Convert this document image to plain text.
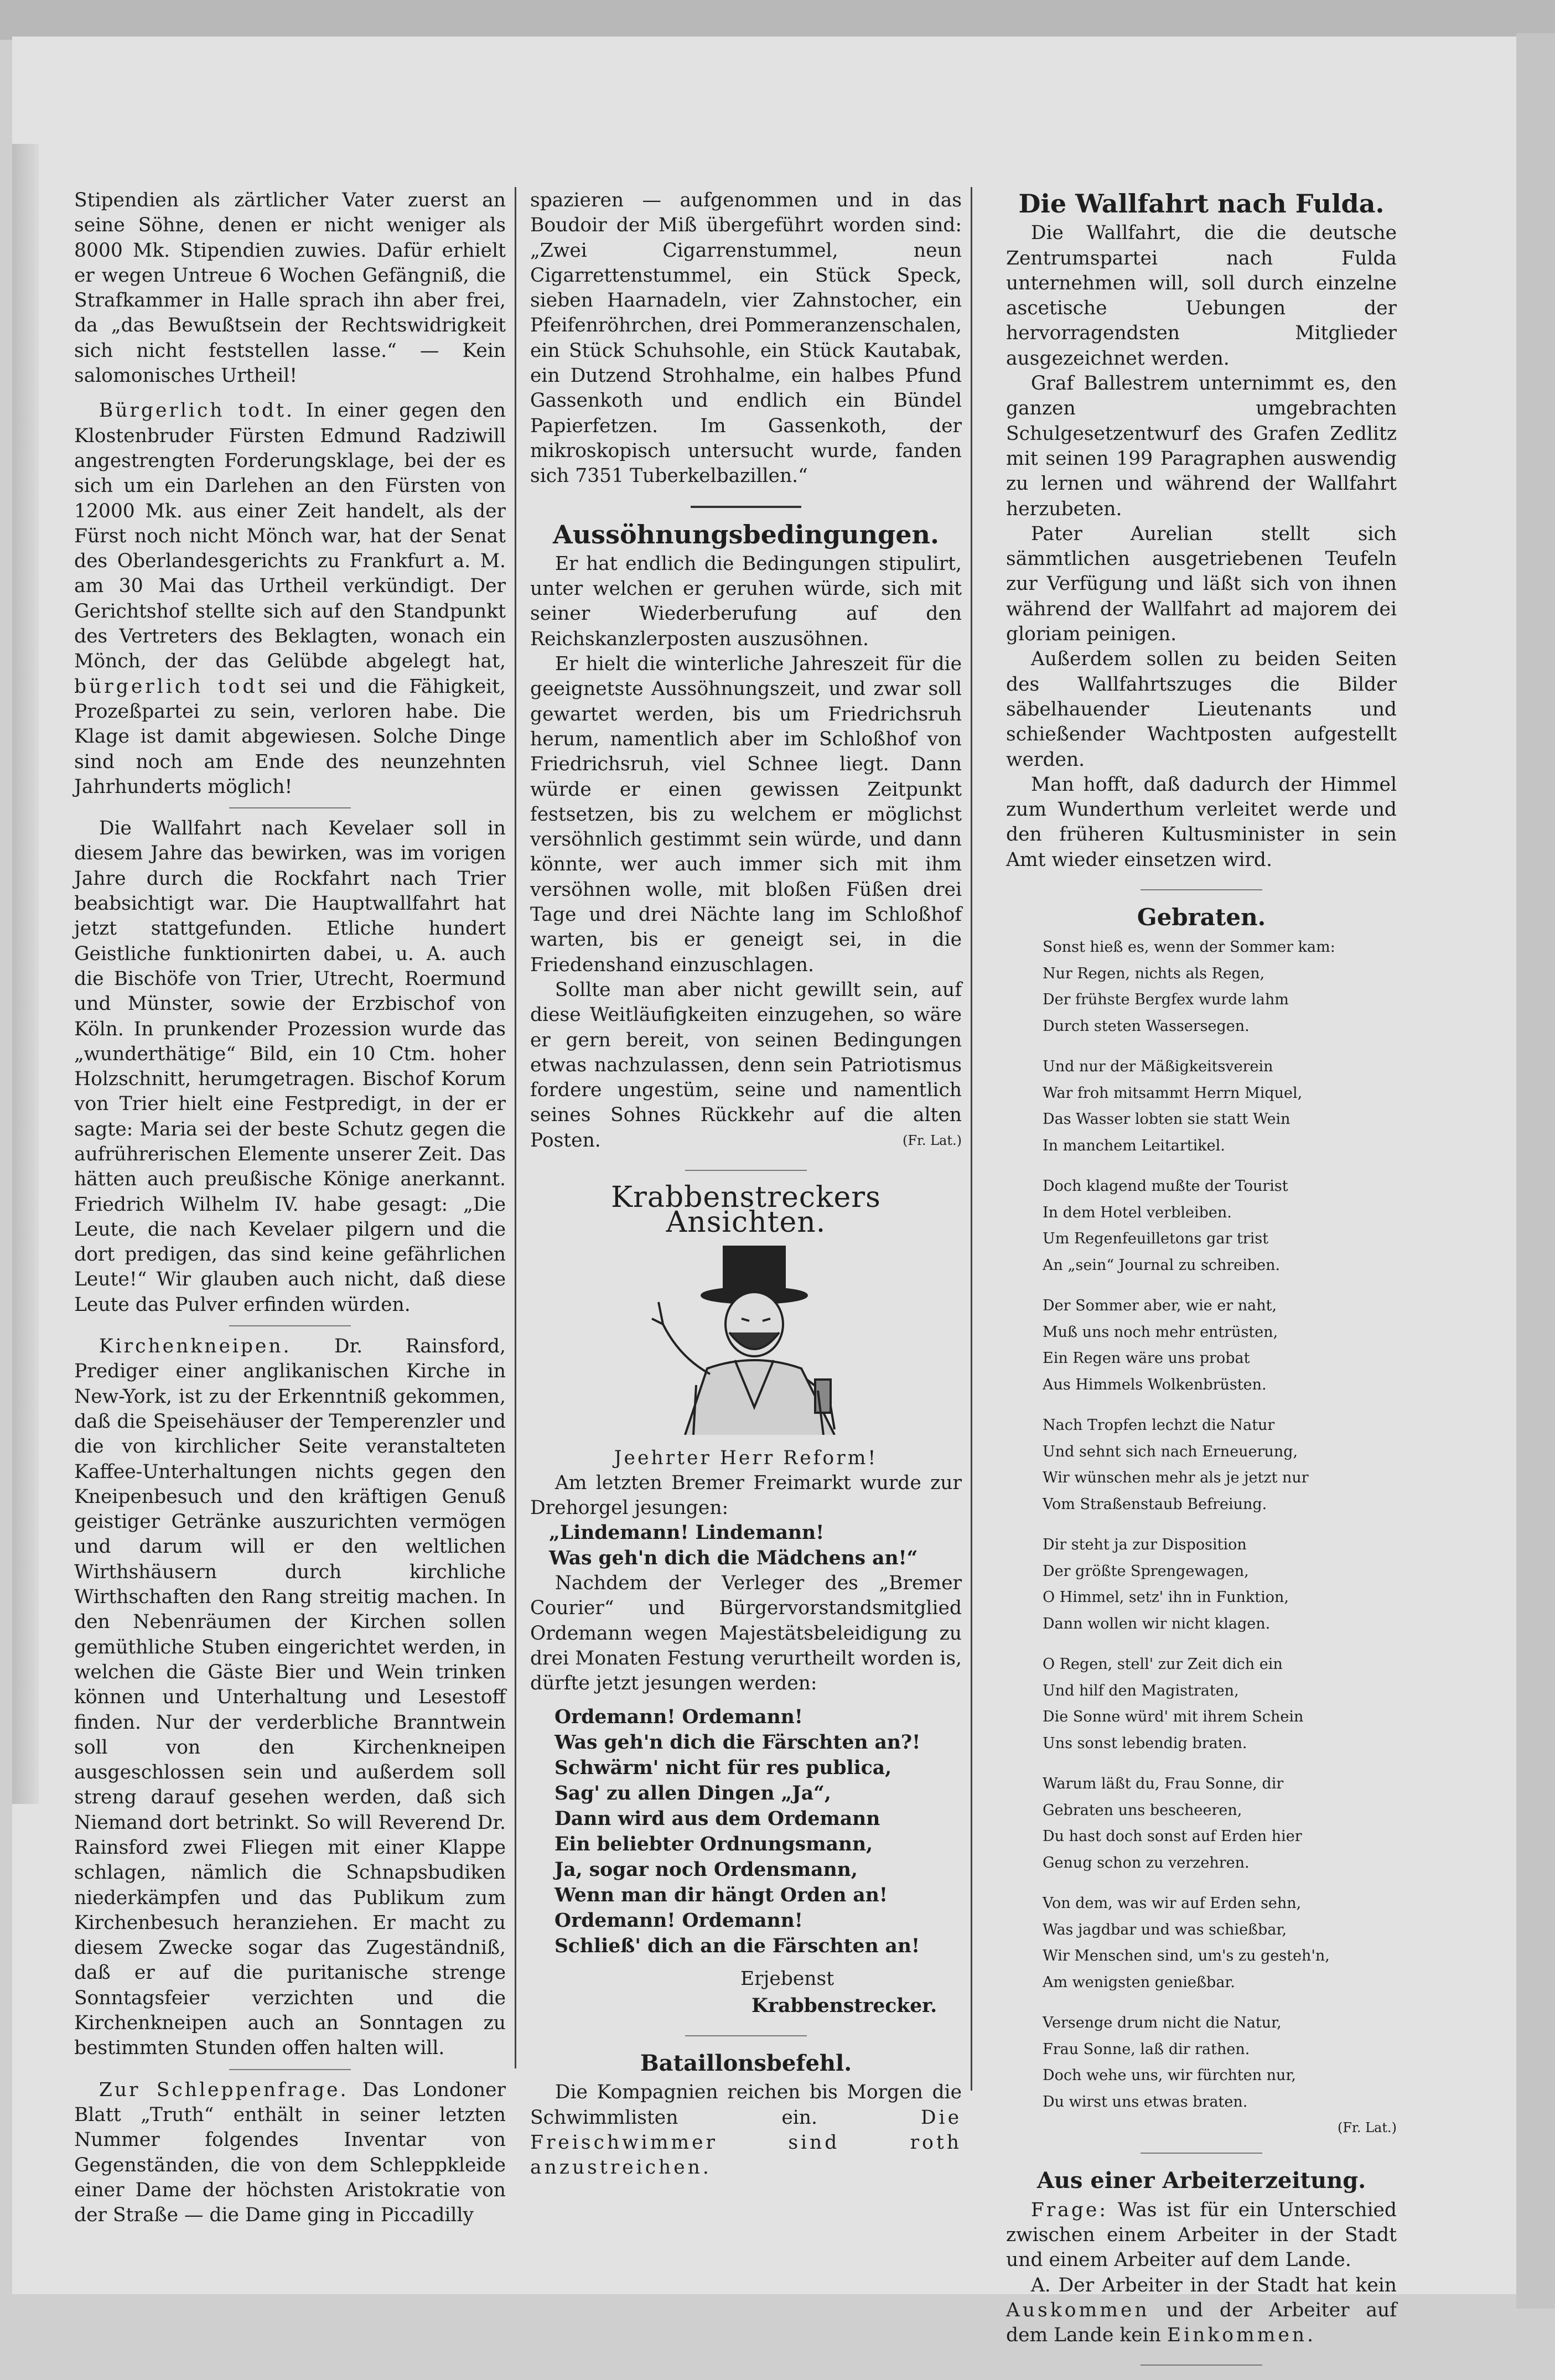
Stipendien als zärtlicher Vater zuerst an seine Söhne, denen er nicht weniger als 8000 Mk. Stipendien zuwies. Dafür erhielt er wegen Untreue 6 Wochen Gefängniß, die Strafkammer in Halle sprach ihn aber frei, da „das Bewußtsein der Rechtswidrigkeit sich nicht feststellen lasse.“ — Kein salomonisches Urtheil!

Bürgerlich todt. In einer gegen den Klostenbruder Fürsten Edmund Radziwill angestrengten Forderungsklage, bei der es sich um ein Darlehen an den Fürsten von 12000 Mk. aus einer Zeit handelt, als der Fürst noch nicht Mönch war, hat der Senat des Oberlandesgerichts zu Frankfurt a. M. am 30 Mai das Urtheil verkündigt. Der Gerichtshof stellte sich auf den Standpunkt des Vertreters des Beklagten, wonach ein Mönch, der das Gelübde abgelegt hat, bürgerlich todt sei und die Fähigkeit, Prozeßpartei zu sein, verloren habe. Die Klage ist damit abgewiesen. Solche Dinge sind noch am Ende des neunzehnten Jahrhunderts möglich!

Die Wallfahrt nach Kevelaer soll in diesem Jahre das bewirken, was im vorigen Jahre durch die Rockfahrt nach Trier beabsichtigt war. Die Hauptwallfahrt hat jetzt stattgefunden. Etliche hundert Geistliche funktionirten dabei, u. A. auch die Bischöfe von Trier, Utrecht, Roermund und Münster, sowie der Erzbischof von Köln. In prunkender Prozession wurde das „wunderthätige“ Bild, ein 10 Ctm. hoher Holzschnitt, herumgetragen. Bischof Korum von Trier hielt eine Festpredigt, in der er sagte: Maria sei der beste Schutz gegen die aufrührerischen Elemente unserer Zeit. Das hätten auch preußische Könige anerkannt. Friedrich Wilhelm IV. habe gesagt: „Die Leute, die nach Kevelaer pilgern und die dort predigen, das sind keine gefährlichen Leute!“ Wir glauben auch nicht, daß diese Leute das Pulver erfinden würden.

Kirchenkneipen. Dr. Rainsford, Prediger einer anglikanischen Kirche in New-York, ist zu der Erkenntniß gekommen, daß die Speisehäuser der Temperenzler und die von kirchlicher Seite veranstalteten Kaffee-Unterhaltungen nichts gegen den Kneipenbesuch und den kräftigen Genuß geistiger Getränke auszurichten vermögen und darum will er den weltlichen Wirthshäusern durch kirchliche Wirthschaften den Rang streitig machen. In den Nebenräumen der Kirchen sollen gemüthliche Stuben eingerichtet werden, in welchen die Gäste Bier und Wein trinken können und Unterhaltung und Lesestoff finden. Nur der verderbliche Branntwein soll von den Kirchenkneipen ausgeschlossen sein und außerdem soll streng darauf gesehen werden, daß sich Niemand dort betrinkt. So will Reverend Dr. Rainsford zwei Fliegen mit einer Klappe schlagen, nämlich die Schnapsbudiken niederkämpfen und das Publikum zum Kirchenbesuch heranziehen. Er macht zu diesem Zwecke sogar das Zugeständniß, daß er auf die puritanische strenge Sonntagsfeier verzichten und die Kirchenkneipen auch an Sonntagen zu bestimmten Stunden offen halten will.

Zur Schleppenfrage. Das Londoner Blatt „Truth“ enthält in seiner letzten Nummer folgendes Inventar von Gegenständen, die von dem Schleppkleide einer Dame der höchsten Aristokratie von der Straße — die Dame ging in Piccadilly

spazieren — aufgenommen und in das Boudoir der Miß übergeführt worden sind: „Zwei Cigarrenstummel, neun Cigarrettenstummel, ein Stück Speck, sieben Haarnadeln, vier Zahnstocher, ein Pfeifenröhrchen, drei Pommeranzenschalen, ein Stück Schuhsohle, ein Stück Kautabak, ein Dutzend Strohhalme, ein halbes Pfund Gassenkoth und endlich ein Bündel Papierfetzen. Im Gassenkoth, der mikroskopisch untersucht wurde, fanden sich 7351 Tuberkelbazillen.“

Aussöhnungsbedingungen.

Er hat endlich die Bedingungen stipulirt, unter welchen er geruhen würde, sich mit seiner Wiederberufung auf den Reichskanzlerposten auszusöhnen.

Er hielt die winterliche Jahreszeit für die geeignetste Aussöhnungszeit, und zwar soll gewartet werden, bis um Friedrichsruh herum, namentlich aber im Schloßhof von Friedrichsruh, viel Schnee liegt. Dann würde er einen gewissen Zeitpunkt festsetzen, bis zu welchem er möglichst versöhnlich gestimmt sein würde, und dann könnte, wer auch immer sich mit ihm versöhnen wolle, mit bloßen Füßen drei Tage und drei Nächte lang im Schloßhof warten, bis er geneigt sei, in die Friedenshand einzuschlagen.

Sollte man aber nicht gewillt sein, auf diese Weitläufigkeiten einzugehen, so wäre er gern bereit, von seinen Bedingungen etwas nachzulassen, denn sein Patriotismus fordere ungestüm, seine und namentlich seines Sohnes Rückkehr auf die alten Posten.	(Fr. Lat.)

Krabbenstreckers Ansichten.
Jeehrter Herr Reform!

Am letzten Bremer Freimarkt wurde zur Drehorgel jesungen:

„Lindemann! Lindemann!
Was geh'n dich die Mädchens an!“

Nachdem der Verleger des „Bremer Courier“ und Bürgervorstandsmitglied Ordemann wegen Majestätsbeleidigung zu drei Monaten Festung verurtheilt worden is, dürfte jetzt jesungen werden:

Ordemann! Ordemann!
Was geh'n dich die Färschten an?!
Schwärm' nicht für res publica,
Sag' zu allen Dingen „Ja“,
Dann wird aus dem Ordemann
Ein beliebter Ordnungsmann,
Ja, sogar noch Ordensmann,
Wenn man dir hängt Orden an!
Ordemann! Ordemann!
Schließ' dich an die Färschten an!
Erjebenst
Krabbenstrecker.
Bataillonsbefehl.

Die Kompagnien reichen bis Morgen die Schwimmlisten ein.	Die Freischwimmer sind roth anzustreichen.

Die Wallfahrt nach Fulda.

Die Wallfahrt, die die deutsche Zentrumspartei nach Fulda unternehmen will, soll durch einzelne ascetische Uebungen der hervorragendsten Mitglieder ausgezeichnet werden.

Graf Ballestrem unternimmt es, den ganzen umgebrachten Schulgesetzentwurf des Grafen Zedlitz mit seinen 199 Paragraphen auswendig zu lernen und während der Wallfahrt herzubeten.

Pater Aurelian stellt sich sämmtlichen ausgetriebenen Teufeln zur Verfügung und läßt sich von ihnen während der Wallfahrt ad majorem dei gloriam peinigen.

Außerdem sollen zu beiden Seiten des Wallfahrtszuges die Bilder säbelhauender Lieutenants und schießender Wachtposten aufgestellt werden.

Man hofft, daß dadurch der Himmel zum Wunderthum verleitet werde und den früheren Kultusminister in sein Amt wieder einsetzen wird.

Gebraten.
Sonst hieß es, wenn der Sommer kam:
Nur Regen, nichts als Regen,
Der frühste Bergfex wurde lahm
Durch steten Wassersegen.
Und nur der Mäßigkeitsverein
War froh mitsammt Herrn Miquel,
Das Wasser lobten sie statt Wein
In manchem Leitartikel.
Doch klagend mußte der Tourist
In dem Hotel verbleiben.
Um Regenfeuilletons gar trist
An „sein“ Journal zu schreiben.
Der Sommer aber, wie er naht,
Muß uns noch mehr entrüsten,
Ein Regen wäre uns probat
Aus Himmels Wolkenbrüsten.
Nach Tropfen lechzt die Natur
Und sehnt sich nach Erneuerung,
Wir wünschen mehr als je jetzt nur
Vom Straßenstaub Befreiung.
Dir steht ja zur Disposition
Der größte Sprengewagen,
O Himmel, setz' ihn in Funktion,
Dann wollen wir nicht klagen.
O Regen, stell' zur Zeit dich ein
Und hilf den Magistraten,
Die Sonne würd' mit ihrem Schein
Uns sonst lebendig braten.
Warum läßt du, Frau Sonne, dir
Gebraten uns bescheeren,
Du hast doch sonst auf Erden hier
Genug schon zu verzehren.
Von dem, was wir auf Erden sehn,
Was jagdbar und was schießbar,
Wir Menschen sind, um's zu gesteh'n,
Am wenigsten genießbar.
Versenge drum nicht die Natur,
Frau Sonne, laß dir rathen.
Doch wehe uns, wir fürchten nur,
Du wirst uns etwas braten.
(Fr. Lat.)
Aus einer Arbeiterzeitung.

Frage: Was ist für ein Unterschied zwischen einem Arbeiter in der Stadt und einem Arbeiter auf dem Lande.

A. Der Arbeiter in der Stadt hat kein Auskommen und der Arbeiter auf dem Lande kein Einkommen.
